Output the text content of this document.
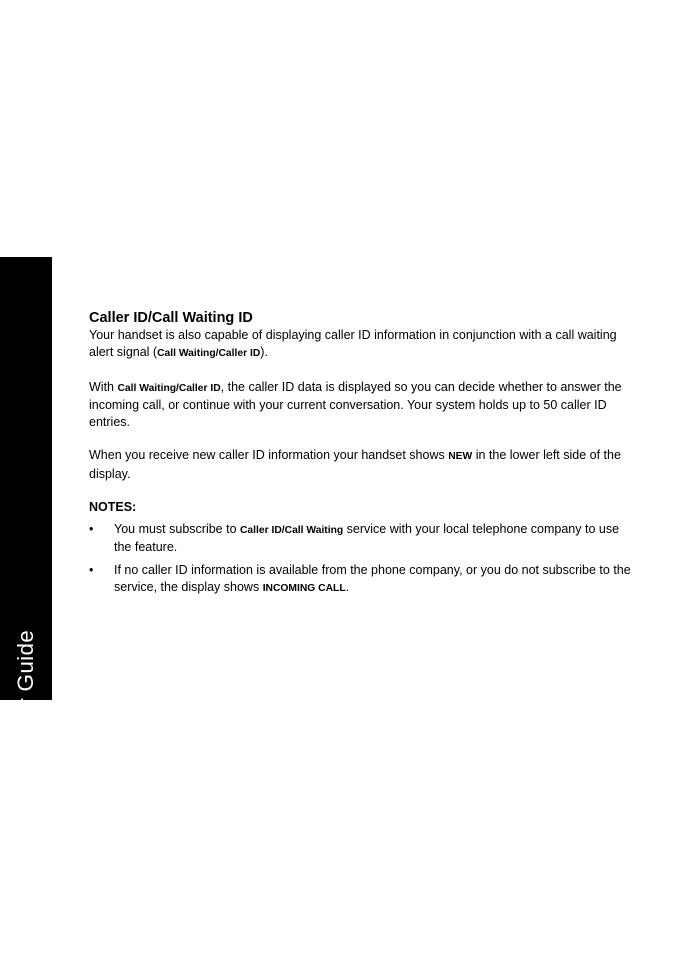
MD7151 User Guide
24
Caller ID/Call Waiting ID

Your handset is also capable of displaying caller ID information in conjunction with a call waiting alert signal (Call Waiting/Caller ID).

With Call Waiting/Caller ID, the caller ID data is displayed so you can decide whether to answer the incoming call, or continue with your current conversation. Your system holds up to 50 caller ID entries.

When you receive new caller ID information your handset shows NEW in the lower left side of the display.

NOTES:
• You must subscribe to Caller ID/Call Waiting service with your local telephone company to use the feature.
• If no caller ID information is available from the phone company, or you do not subscribe to the service, the display shows INCOMING CALL.
